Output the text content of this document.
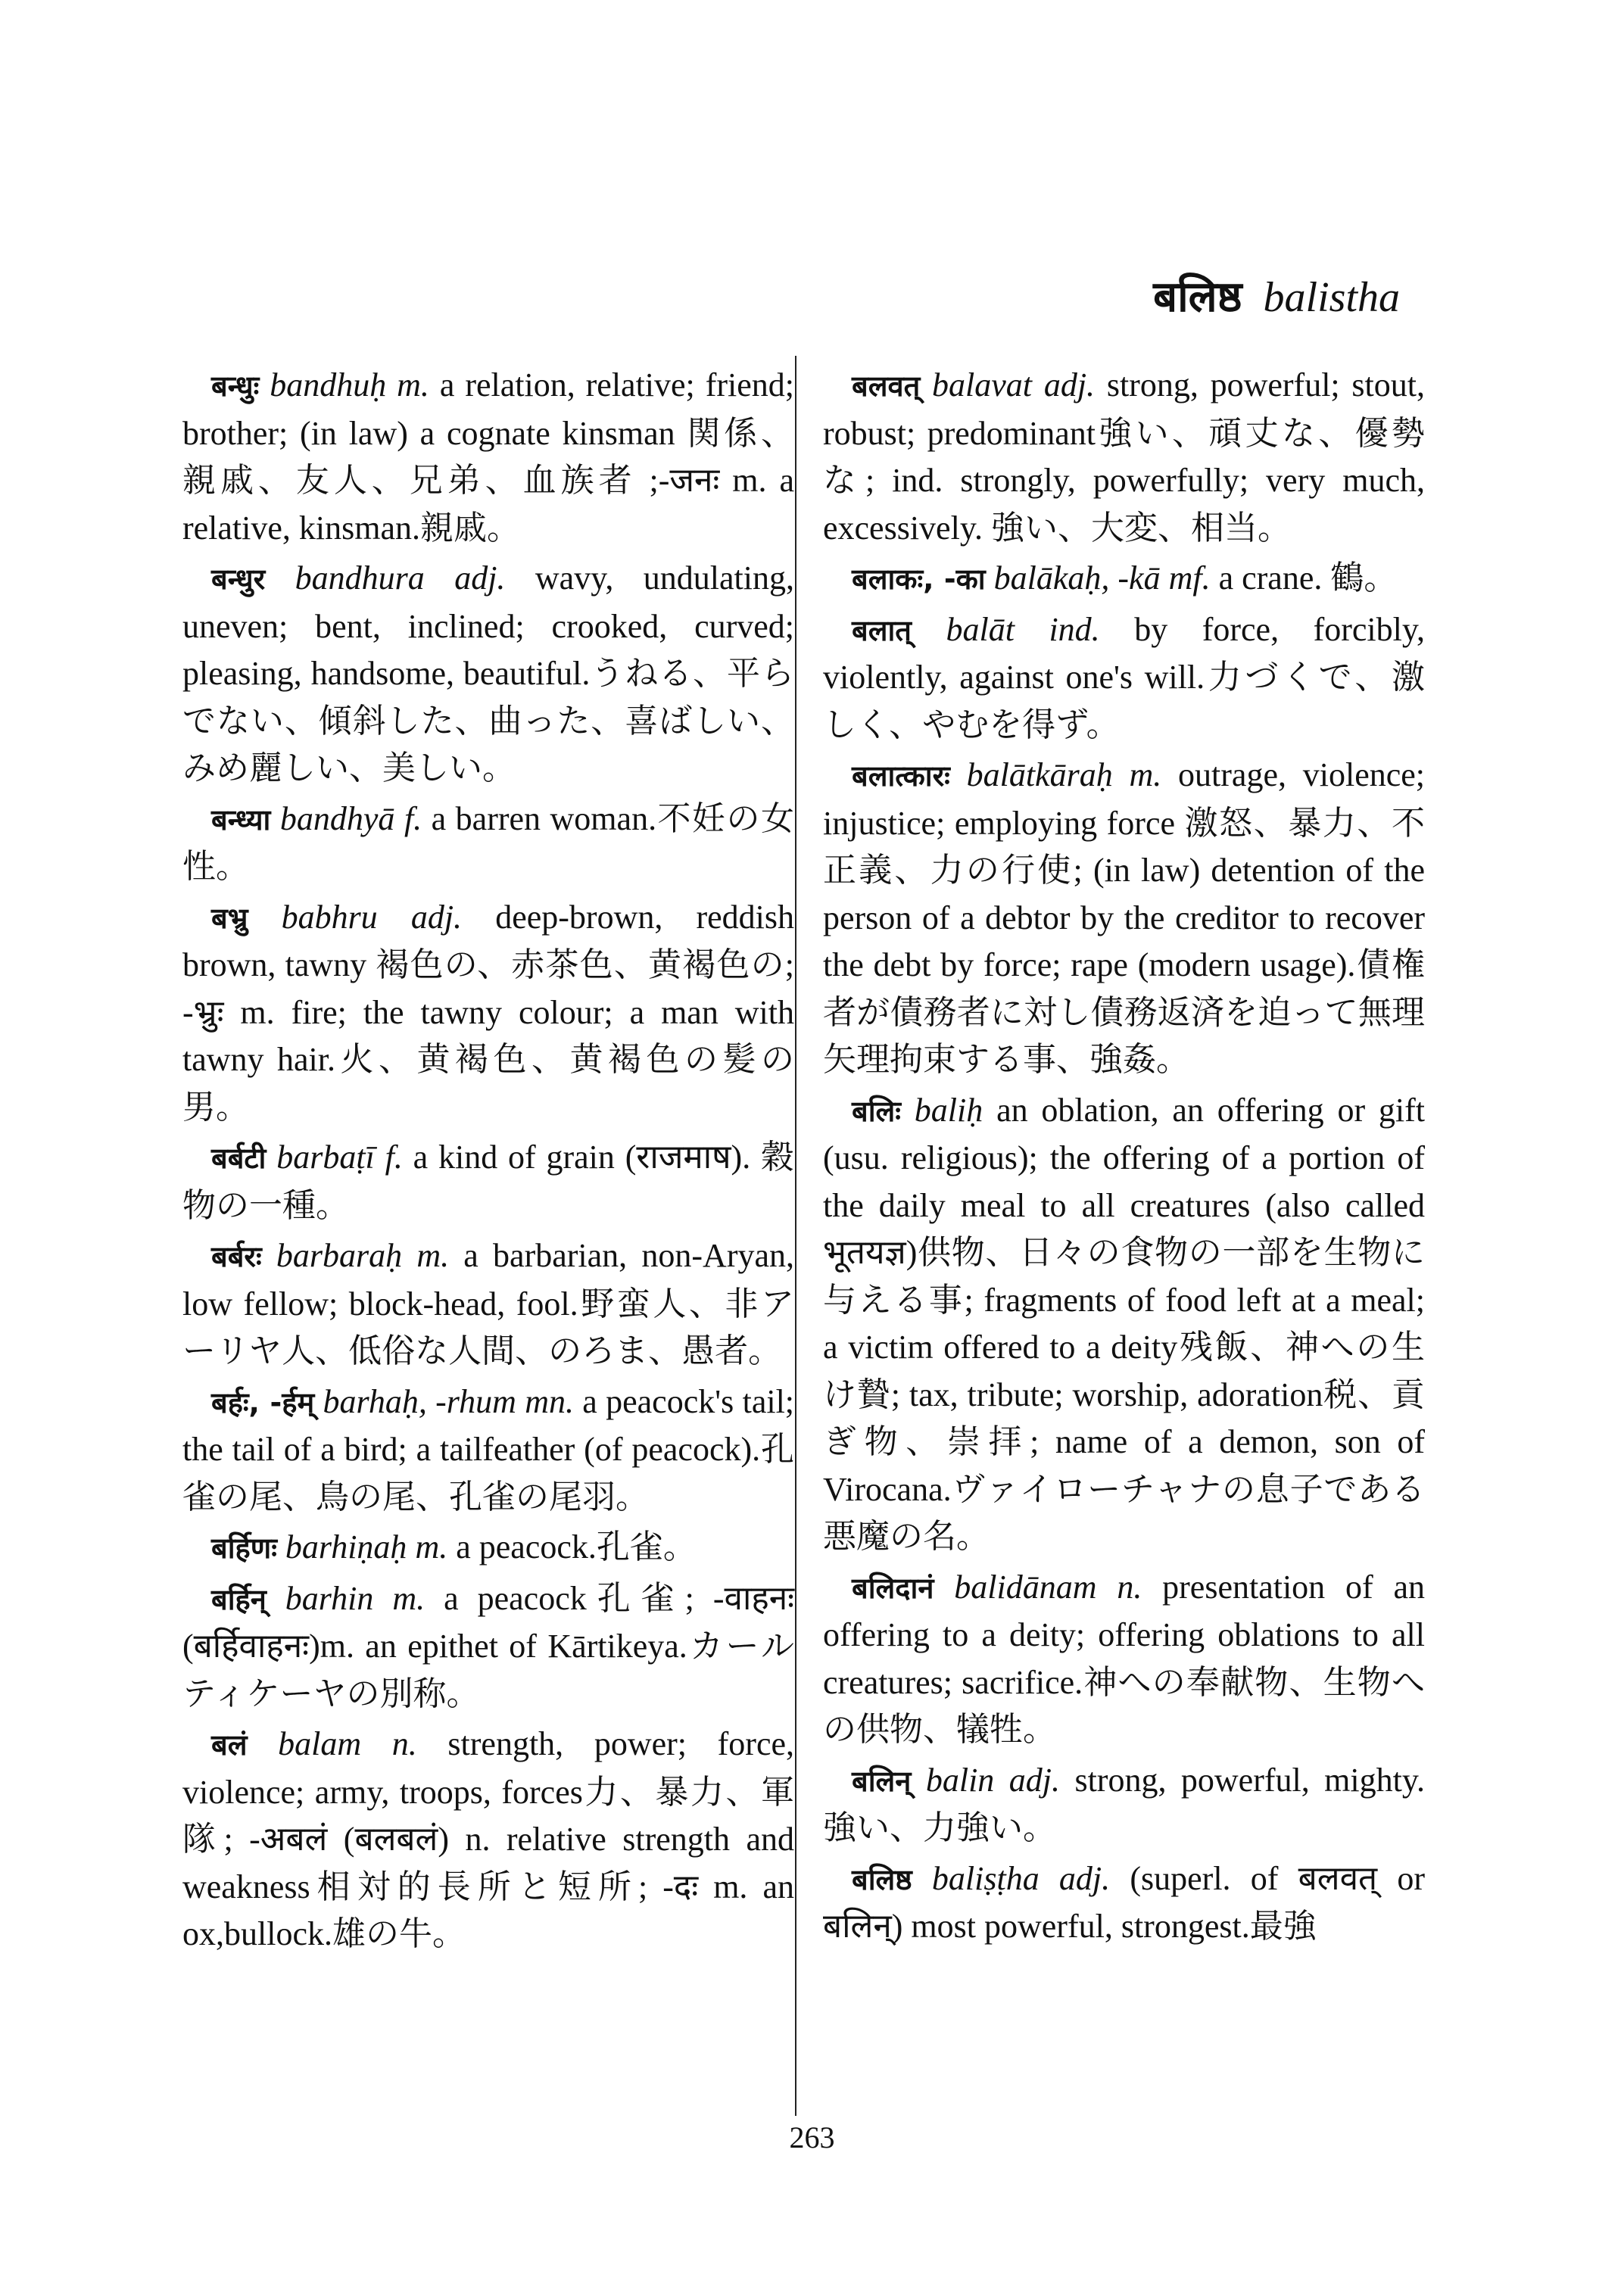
बलिष्ठ balistha

बन्धुः bandhuḥ m. a relation, relative; friend; brother; (in law) a cognate kinsman 関係、親戚、友人、兄弟、血族者 ;-जनः m. a relative, kinsman.親戚。

बन्धुर bandhura adj. wavy, undulating, uneven; bent, inclined; crooked, curved; pleasing, handsome, beautiful.うねる、平らでない、傾斜した、曲った、喜ばしい、みめ麗しい、美しい。

बन्ध्या bandhyā f. a barren woman.不妊の女性。

बभ्रु babhru adj. deep-brown, reddish brown, tawny 褐色の、赤茶色、黄褐色の; -भ्रुः m. fire; the tawny colour; a man with tawny hair.火、黄褐色、黄褐色の髪の男。

बर्बटी barbaṭī f. a kind of grain (राजमाष). 穀物の一種。

बर्बरः barbaraḥ m. a barbarian, non-Aryan, low fellow; block-head, fool.野蛮人、非アーリヤ人、低俗な人間、のろま、愚者。

बर्हः, -र्हम् barhaḥ, -rhum mn. a peacock's tail; the tail of a bird; a tailfeather (of peacock).孔雀の尾、鳥の尾、孔雀の尾羽。

बर्हिणः barhiṇaḥ m. a peacock.孔雀。

बर्हिन् barhin m. a peacock孔雀; -वाहनः (बर्हिवाहनः)m. an epithet of Kārtikeya.カールティケーヤの別称。

बलं balam n. strength, power; force, violence; army, troops, forces力、暴力、軍隊; -अबलं (बलबलं) n. relative strength and weakness相対的長所と短所; -दः m. an ox,bullock.雄の牛。

बलवत् balavat adj. strong, powerful; stout, robust; predominant強い、頑丈な、優勢な; ind. strongly, powerfully; very much, excessively. 強い、大変、相当。

बलाकः, -का balākaḥ, -kā mf. a crane. 鶴。

बलात् balāt ind. by force, forcibly, violently, against one's will.力づくで、激しく、やむを得ず。

बलात्कारः balātkāraḥ m. outrage, violence; injustice; employing force 激怒、暴力、不正義、力の行使; (in law) detention of the person of a debtor by the creditor to recover the debt by force; rape (modern usage).債権者が債務者に対し債務返済を迫って無理矢理拘束する事、強姦。

बलिः baliḥ an oblation, an offering or gift (usu. religious); the offering of a portion of the daily meal to all creatures (also called भूतयज्ञ)供物、日々の食物の一部を生物に与える事; fragments of food left at a meal; a victim offered to a deity残飯、神への生け贄; tax, tribute; worship, adoration税、貢ぎ物、崇拝; name of a demon, son of Virocana.ヴァイローチャナの息子である悪魔の名。

बलिदानं balidānam n. presentation of an offering to a deity; offering oblations to all creatures; sacrifice.神への奉献物、生物への供物、犠牲。

बलिन् balin adj. strong, powerful, mighty.強い、力強い。

बलिष्ठ baliṣṭha adj. (superl. of बलवत् or बलिन्) most powerful, strongest.最強

263
